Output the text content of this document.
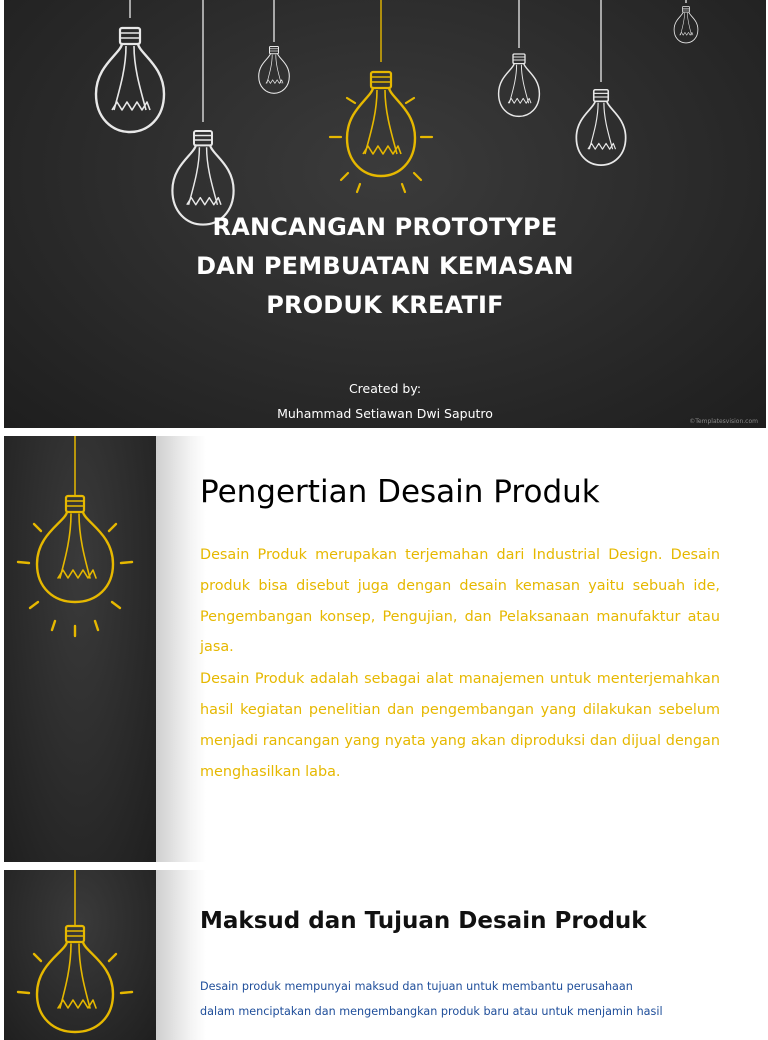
RANCANGAN PROTOTYPE
DAN PEMBUATAN KEMASAN
PRODUK KREATIF
Created by:
Muhammad Setiawan Dwi Saputro
©Templatesvision.com
Pengertian Desain Produk

Desain Produk merupakan terjemahan dari Industrial Design. Desain produk bisa disebut juga dengan desain kemasan yaitu sebuah ide, Pengembangan konsep, Pengujian, dan Pelaksanaan manufaktur atau jasa.

Desain Produk adalah sebagai alat manajemen untuk menterjemahkan hasil kegiatan penelitian dan pengembangan yang dilakukan sebelum menjadi rancangan yang nyata yang akan diproduksi dan dijual dengan menghasilkan laba.

Maksud dan Tujuan Desain Produk

Desain produk mempunyai maksud dan tujuan untuk membantu perusahaan

dalam menciptakan dan mengembangkan produk baru atau untuk menjamin hasil
